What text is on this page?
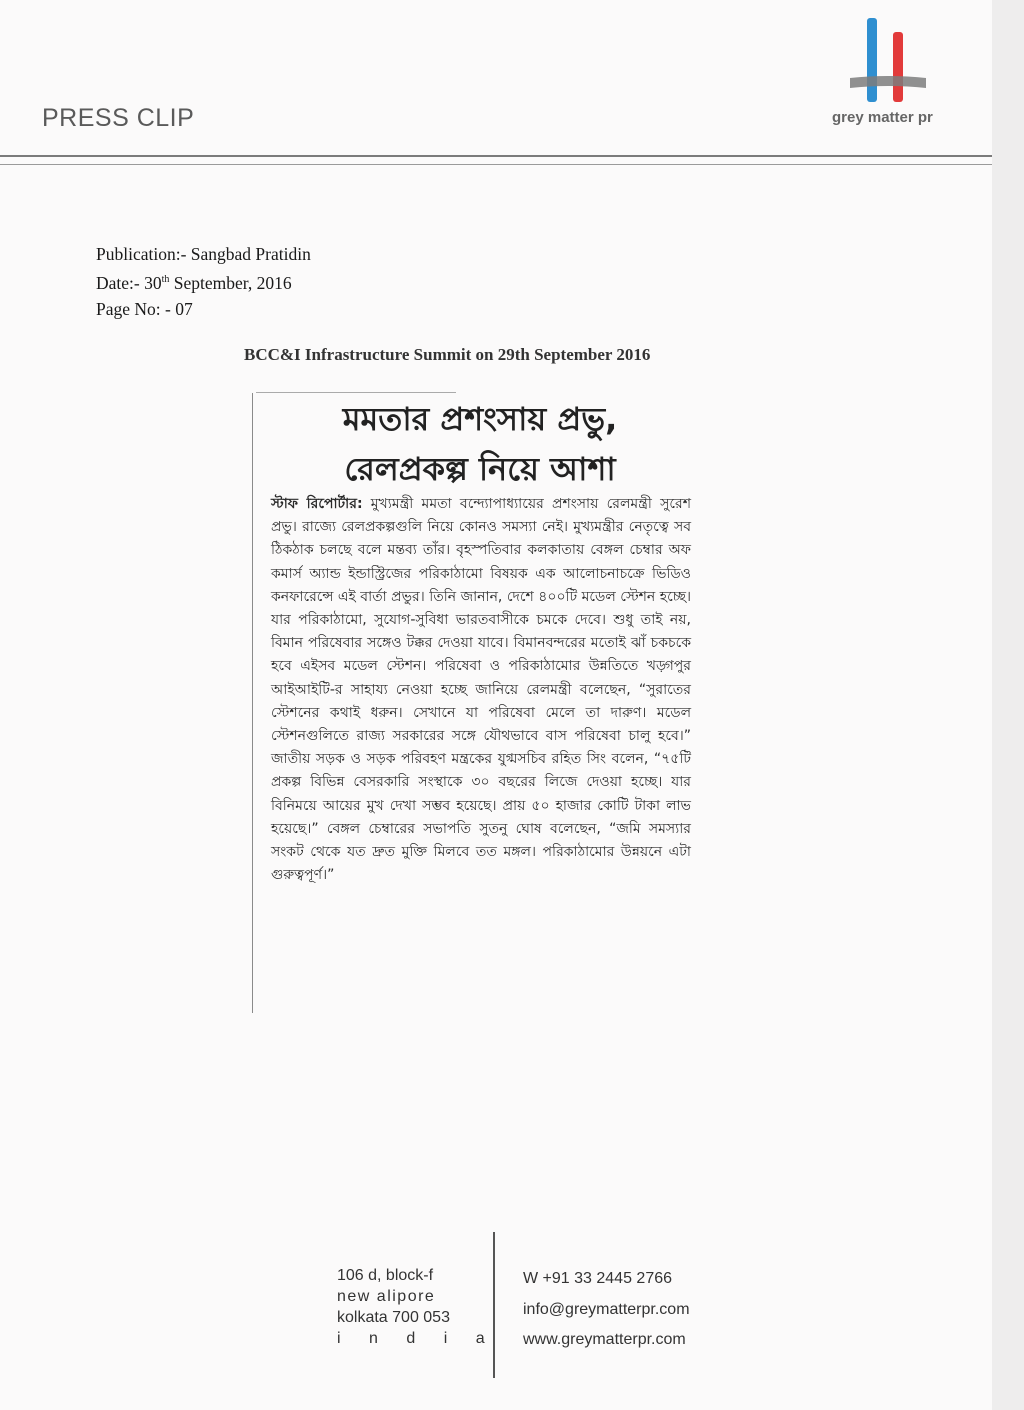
PRESS CLIP	grey matter pr
Publication:- Sangbad Pratidin
Date:- 30th September, 2016
Page No: - 07
BCC&I Infrastructure Summit on 29th September 2016
মমতার প্রশংসায় প্রভু,
রেলপ্রকল্প নিয়ে আশা
স্টাফ রিপোর্টার: মুখ্যমন্ত্রী মমতা বন্দ্যোপাধ্যায়ের প্রশংসায় রেলমন্ত্রী সুরেশ প্রভু। রাজ্যে রেলপ্রকল্পগুলি নিয়ে কোনও সমস্যা নেই। মুখ্যমন্ত্রীর নেতৃত্বে সব ঠিকঠাক চলছে বলে মন্তব্য তাঁর। বৃহস্পতিবার কলকাতায় বেঙ্গল চেম্বার অফ কমার্স অ্যান্ড ইন্ডাস্ট্রিজের পরিকাঠামো বিষয়ক এক আলোচনাচক্রে ভিডিও কনফারেন্সে এই বার্তা প্রভুর। তিনি জানান, দেশে ৪০০টি মডেল স্টেশন হচ্ছে। যার পরিকাঠামো, সুযোগ-সুবিধা ভারতবাসীকে চমকে দেবে। শুধু তাই নয়, বিমান পরিষেবার সঙ্গেও টক্কর দেওয়া যাবে। বিমানবন্দরের মতোই ঝাঁ চকচকে হবে এইসব মডেল স্টেশন। পরিষেবা ও পরিকাঠামোর উন্নতিতে খড়্গপুর আইআইটি-র সাহায্য নেওয়া হচ্ছে জানিয়ে রেলমন্ত্রী বলেছেন, “সুরাতের স্টেশনের কথাই ধরুন। সেখানে যা পরিষেবা মেলে তা দারুণ। মডেল স্টেশনগুলিতে রাজ্য সরকারের সঙ্গে যৌথভাবে বাস পরিষেবা চালু হবে।” জাতীয় সড়ক ও সড়ক পরিবহণ মন্ত্রকের যুগ্মসচিব রহিত সিং বলেন, “৭৫টি প্রকল্প বিভিন্ন বেসরকারি সংস্থাকে ৩০ বছরের লিজে দেওয়া হচ্ছে। যার বিনিময়ে আয়ের মুখ দেখা সম্ভব হয়েছে। প্রায় ৫০ হাজার কোটি টাকা লাভ হয়েছে।” বেঙ্গল চেম্বারের সভাপতি সুতনু ঘোষ বলেছেন, “জমি সমস্যার সংকট থেকে যত দ্রুত মুক্তি মিলবে তত মঙ্গল। পরিকাঠামোর উন্নয়নে এটা গুরুত্বপূর্ণ।”
106 d, block-f
new alipore
kolkata 700 053
i n d i a
W +91 33 2445 2766
info@greymatterpr.com
www.greymatterpr.com
